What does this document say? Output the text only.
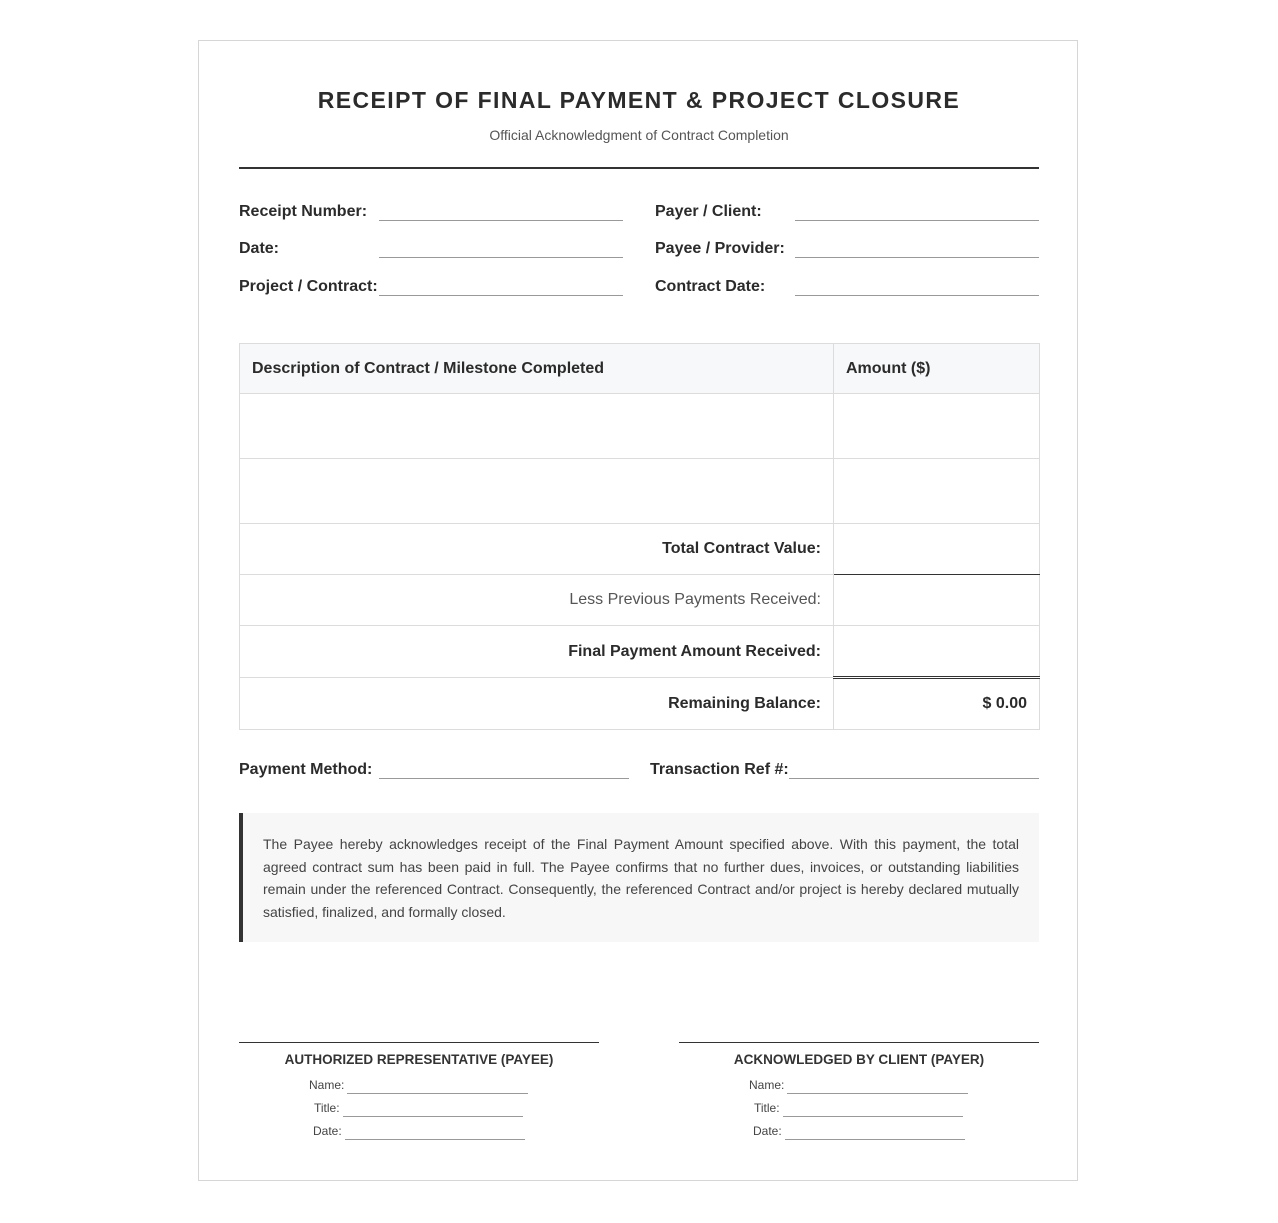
RECEIPT OF FINAL PAYMENT & PROJECT CLOSURE
Official Acknowledgment of Contract Completion
Receipt Number:
Date:
Project / Contract:
Payer / Client:
Payee / Provider:
Contract Date:
Description of Contract / Milestone Completed	Amount ($)

Total Contract Value:	
Less Previous Payments Received:	
Final Payment Amount Received:	
Remaining Balance:	$ 0.00
Payment Method:	Transaction Ref #:
The Payee hereby acknowledges receipt of the Final Payment Amount specified above. With this payment, the total agreed contract sum has been paid in full. The Payee confirms that no further dues, invoices, or outstanding liabilities remain under the referenced Contract. Consequently, the referenced Contract and/or project is hereby declared mutually satisfied, finalized, and formally closed.
AUTHORIZED REPRESENTATIVE (PAYEE)
Name:
Title:
Date:
ACKNOWLEDGED BY CLIENT (PAYER)
Name:
Title:
Date:
